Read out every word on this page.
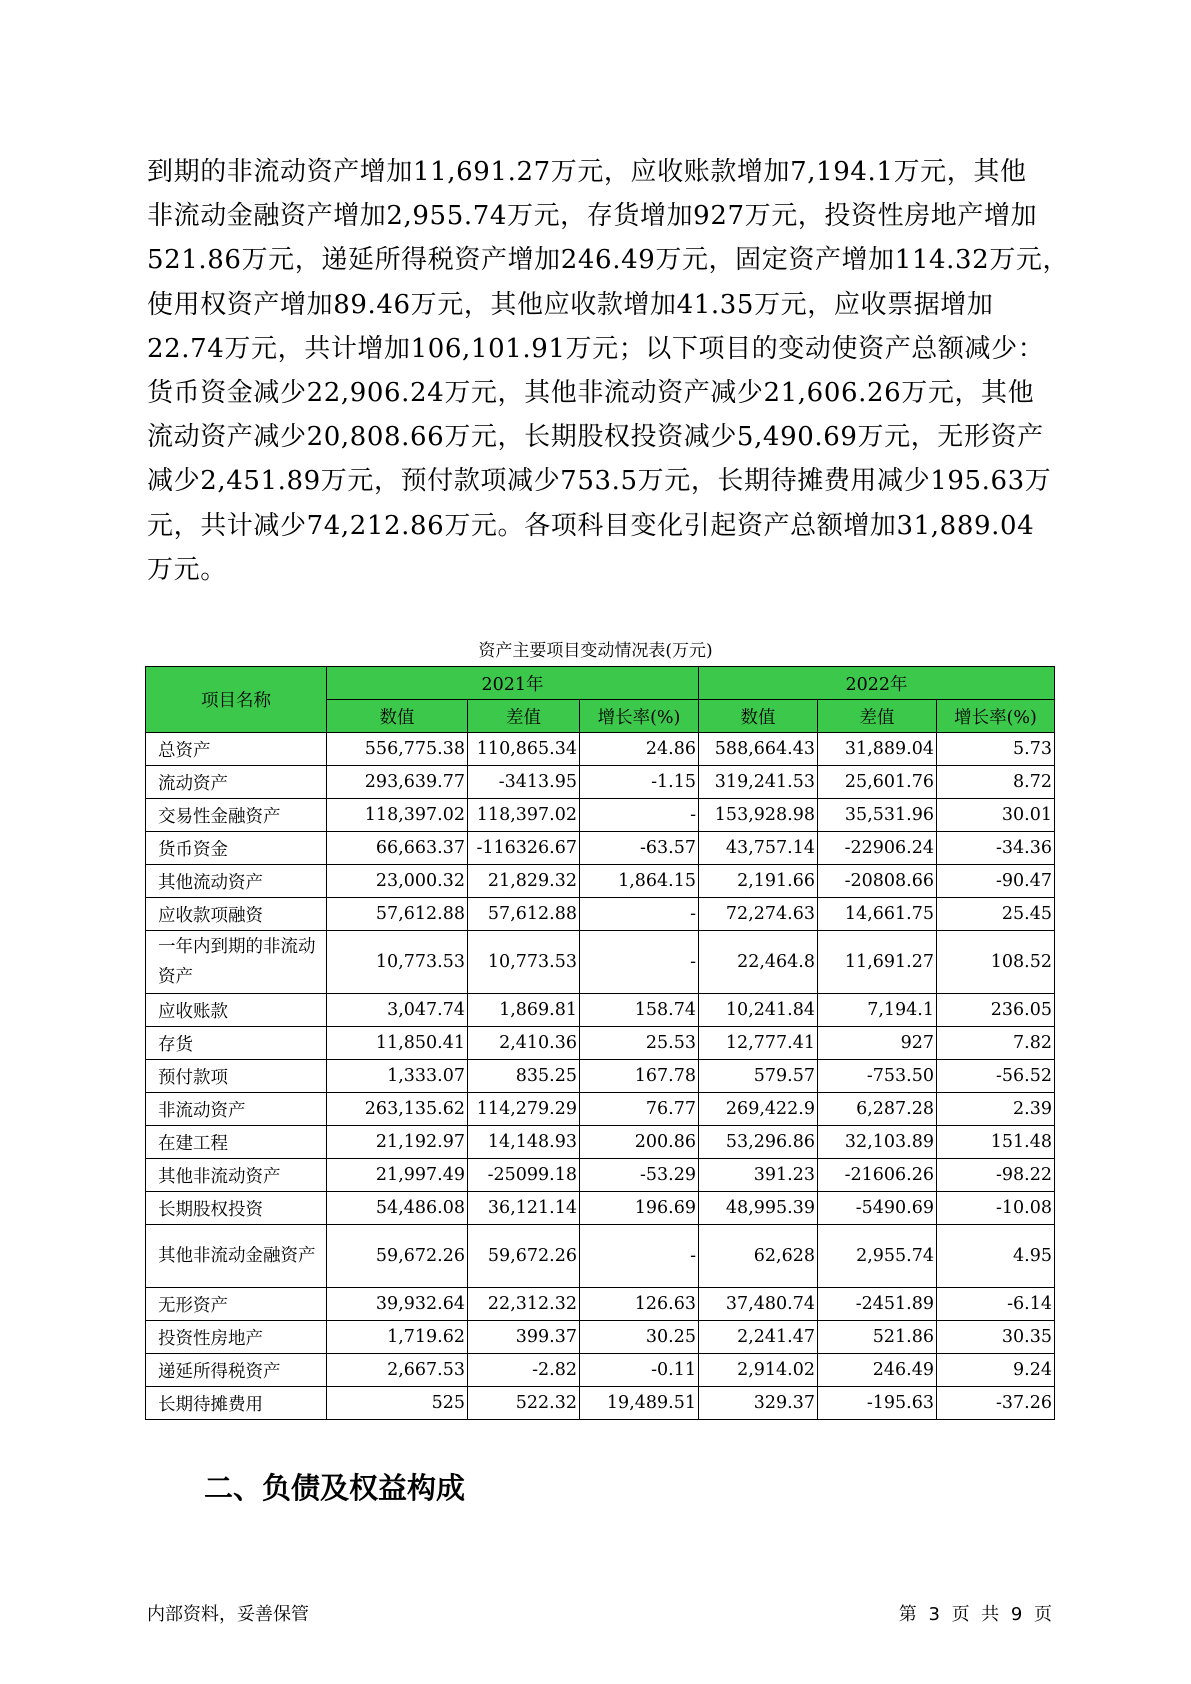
到期的非流动资产增加11,691.27万元，应收账款增加7,194.1万元，其他
非流动金融资产增加2,955.74万元，存货增加927万元，投资性房地产增加
521.86万元，递延所得税资产增加246.49万元，固定资产增加114.32万元，
使用权资产增加89.46万元，其他应收款增加41.35万元，应收票据增加
22.74万元，共计增加106,101.91万元；以下项目的变动使资产总额减少：
货币资金减少22,906.24万元，其他非流动资产减少21,606.26万元，其他
流动资产减少20,808.66万元，长期股权投资减少5,490.69万元，无形资产
减少2,451.89万元，预付款项减少753.5万元，长期待摊费用减少195.63万
元，共计减少74,212.86万元。各项科目变化引起资产总额增加31,889.04
万元。
资产主要项目变动情况表(万元)
项目名称	2021年			2022年		
	数值	差值	增长率(%)	数值	差值	增长率(%)
总资产	556,775.38	110,865.34	24.86	588,664.43	31,889.04	5.73
流动资产	293,639.77	-3413.95	-1.15	319,241.53	25,601.76	8.72
交易性金融资产	118,397.02	118,397.02	-	153,928.98	35,531.96	30.01
货币资金	66,663.37	-116326.67	-63.57	43,757.14	-22906.24	-34.36
其他流动资产	23,000.32	21,829.32	1,864.15	2,191.66	-20808.66	-90.47
应收款项融资	57,612.88	57,612.88	-	72,274.63	14,661.75	25.45
一年内到期的非流动资产	10,773.53	10,773.53	-	22,464.8	11,691.27	108.52
应收账款	3,047.74	1,869.81	158.74	10,241.84	7,194.1	236.05
存货	11,850.41	2,410.36	25.53	12,777.41	927	7.82
预付款项	1,333.07	835.25	167.78	579.57	-753.50	-56.52
非流动资产	263,135.62	114,279.29	76.77	269,422.9	6,287.28	2.39
在建工程	21,192.97	14,148.93	200.86	53,296.86	32,103.89	151.48
其他非流动资产	21,997.49	-25099.18	-53.29	391.23	-21606.26	-98.22
长期股权投资	54,486.08	36,121.14	196.69	48,995.39	-5490.69	-10.08
其他非流动金融资产	59,672.26	59,672.26	-	62,628	2,955.74	4.95
无形资产	39,932.64	22,312.32	126.63	37,480.74	-2451.89	-6.14
投资性房地产	1,719.62	399.37	30.25	2,241.47	521.86	30.35
递延所得税资产	2,667.53	-2.82	-0.11	2,914.02	246.49	9.24
长期待摊费用	525	522.32	19,489.51	329.37	-195.63	-37.26
二、负债及权益构成
内部资料，妥善保管	第 3 页  共 9 页
